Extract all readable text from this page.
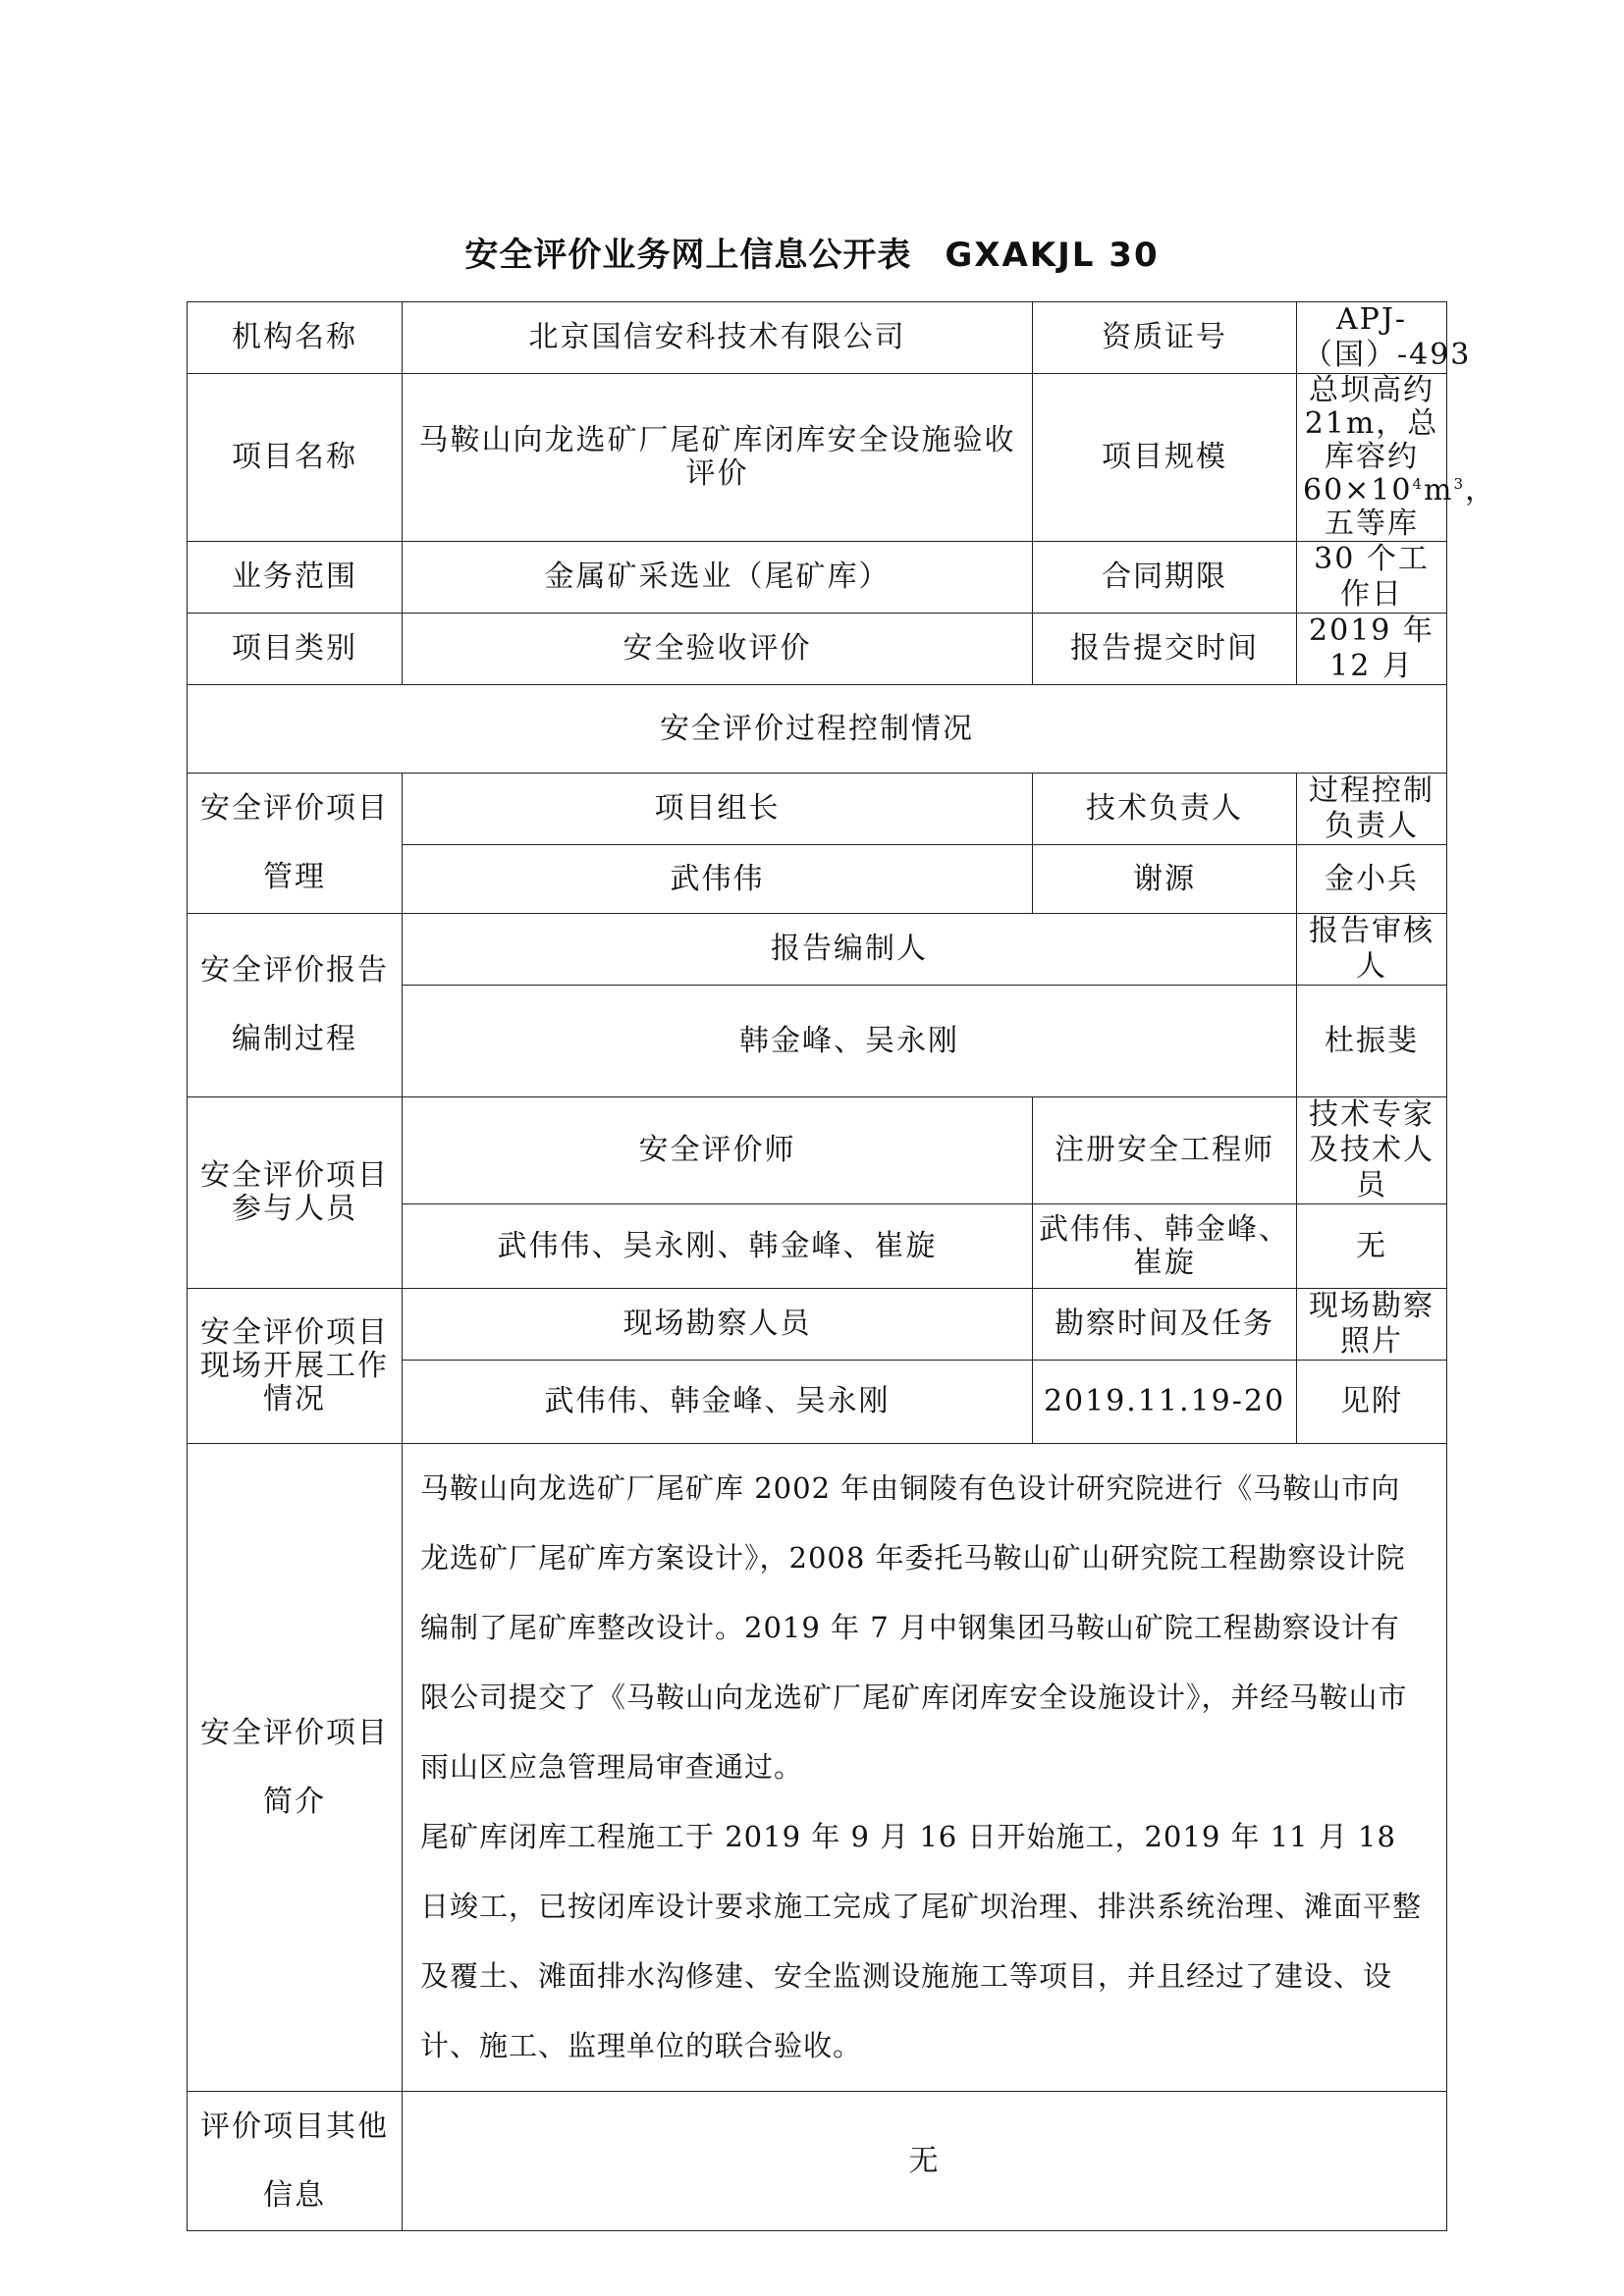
安全评价业务网上信息公开表 GXAKJL 30
机构名称	北京国信安科技术有限公司	资质证号	APJ-（国）-493
项目名称	马鞍山向龙选矿厂尾矿库闭库安全设施验收评价	项目规模	总坝高约 21m，总库容约 $60\times 10^4m^3$，五等库
业务范围	金属矿采选业（尾矿库）	合同期限	30 个工作日
项目类别	安全验收评价	报告提交时间	2019 年 12 月
安全评价过程控制情况			
安全评价项目管理	项目组长	技术负责人	过程控制负责人
	武伟伟	谢源	金小兵
安全评价报告编制过程	报告编制人		报告审核人
	韩金峰、吴永刚		杜振斐
安全评价项目参与人员	安全评价师	注册安全工程师	技术专家及技术人员
	武伟伟、吴永刚、韩金峰、崔旋	武伟伟、韩金峰、崔旋	无
安全评价项目现场开展工作情况	现场勘察人员	勘察时间及任务	现场勘察照片
	武伟伟、韩金峰、吴永刚	2019.11.19-20	见附
安全评价项目简介	马鞍山向龙选矿厂尾矿库 2002 年由铜陵有色设计研究院进行《马鞍山市向龙选矿厂尾矿库方案设计》，2008 年委托马鞍山矿山研究院工程勘察设计院编制了尾矿库整改设计。2019 年 7 月中钢集团马鞍山矿院工程勘察设计有限公司提交了《马鞍山向龙选矿厂尾矿库闭库安全设施设计》，并经马鞍山市雨山区应急管理局审查通过。

尾矿库闭库工程施工于 2019 年 9 月 16 日开始施工，2019 年 11 月 18 日竣工，已按闭库设计要求施工完成了尾矿坝治理、排洪系统治理、滩面平整及覆土、滩面排水沟修建、安全监测设施施工等项目，并且经过了建设、设计、施工、监理单位的联合验收。		

评价项目其他信息	无		
